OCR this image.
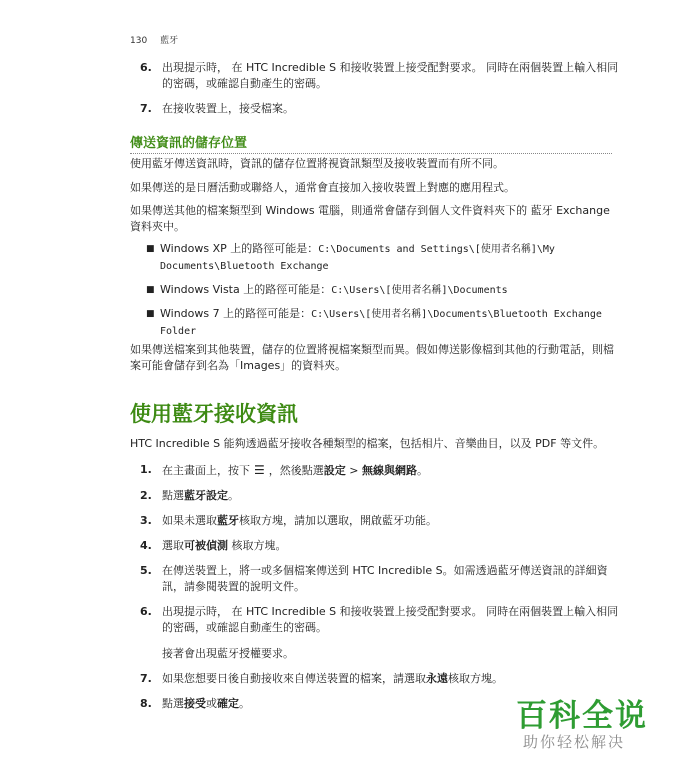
130 藍牙
6. 出現提示時， 在 HTC Incredible S 和接收裝置上接受配對要求。 同時在兩個裝置上輸入相同的密碼，或確認自動產生的密碼。
7. 在接收裝置上，接受檔案。
傳送資訊的儲存位置

使用藍牙傳送資訊時，資訊的儲存位置將視資訊類型及接收裝置而有所不同。

如果傳送的是日曆活動或聯絡人，通常會直接加入接收裝置上對應的應用程式。

如果傳送其他的檔案類型到 Windows 電腦，則通常會儲存到個人文件資料夾下的 藍牙 Exchange 資料夾中。

■ Windows XP 上的路徑可能是：C:\Documents and Settings\[使用者名稱]\My Documents\Bluetooth Exchange
■ Windows Vista 上的路徑可能是：C:\Users\[使用者名稱]\Documents
■ Windows 7 上的路徑可能是：C:\Users\[使用者名稱]\Documents\Bluetooth Exchange Folder

如果傳送檔案到其他裝置，儲存的位置將視檔案類型而異。假如傳送影像檔到其他的行動電話，則檔案可能會儲存到名為「Images」的資料夾。

使用藍牙接收資訊

HTC Incredible S 能夠透過藍牙接收各種類型的檔案，包括相片、音樂曲目，以及 PDF 等文件。

1. 在主畫面上，按下 ☰ ，然後點選設定 > 無線與網路。
2. 點選藍牙設定。
3. 如果未選取藍牙核取方塊，請加以選取，開啟藍牙功能。
4. 選取可被偵測 核取方塊。
5. 在傳送裝置上，將一或多個檔案傳送到 HTC Incredible S。如需透過藍牙傳送資訊的詳細資訊，請參閱裝置的說明文件。
6. 出現提示時， 在 HTC Incredible S 和接收裝置上接受配對要求。 同時在兩個裝置上輸入相同的密碼，或確認自動產生的密碼。
接著會出現藍牙授權要求。
7. 如果您想要日後自動接收來自傳送裝置的檔案，請選取永遠核取方塊。
8. 點選接受或確定。	百科全说
助你轻松解决
